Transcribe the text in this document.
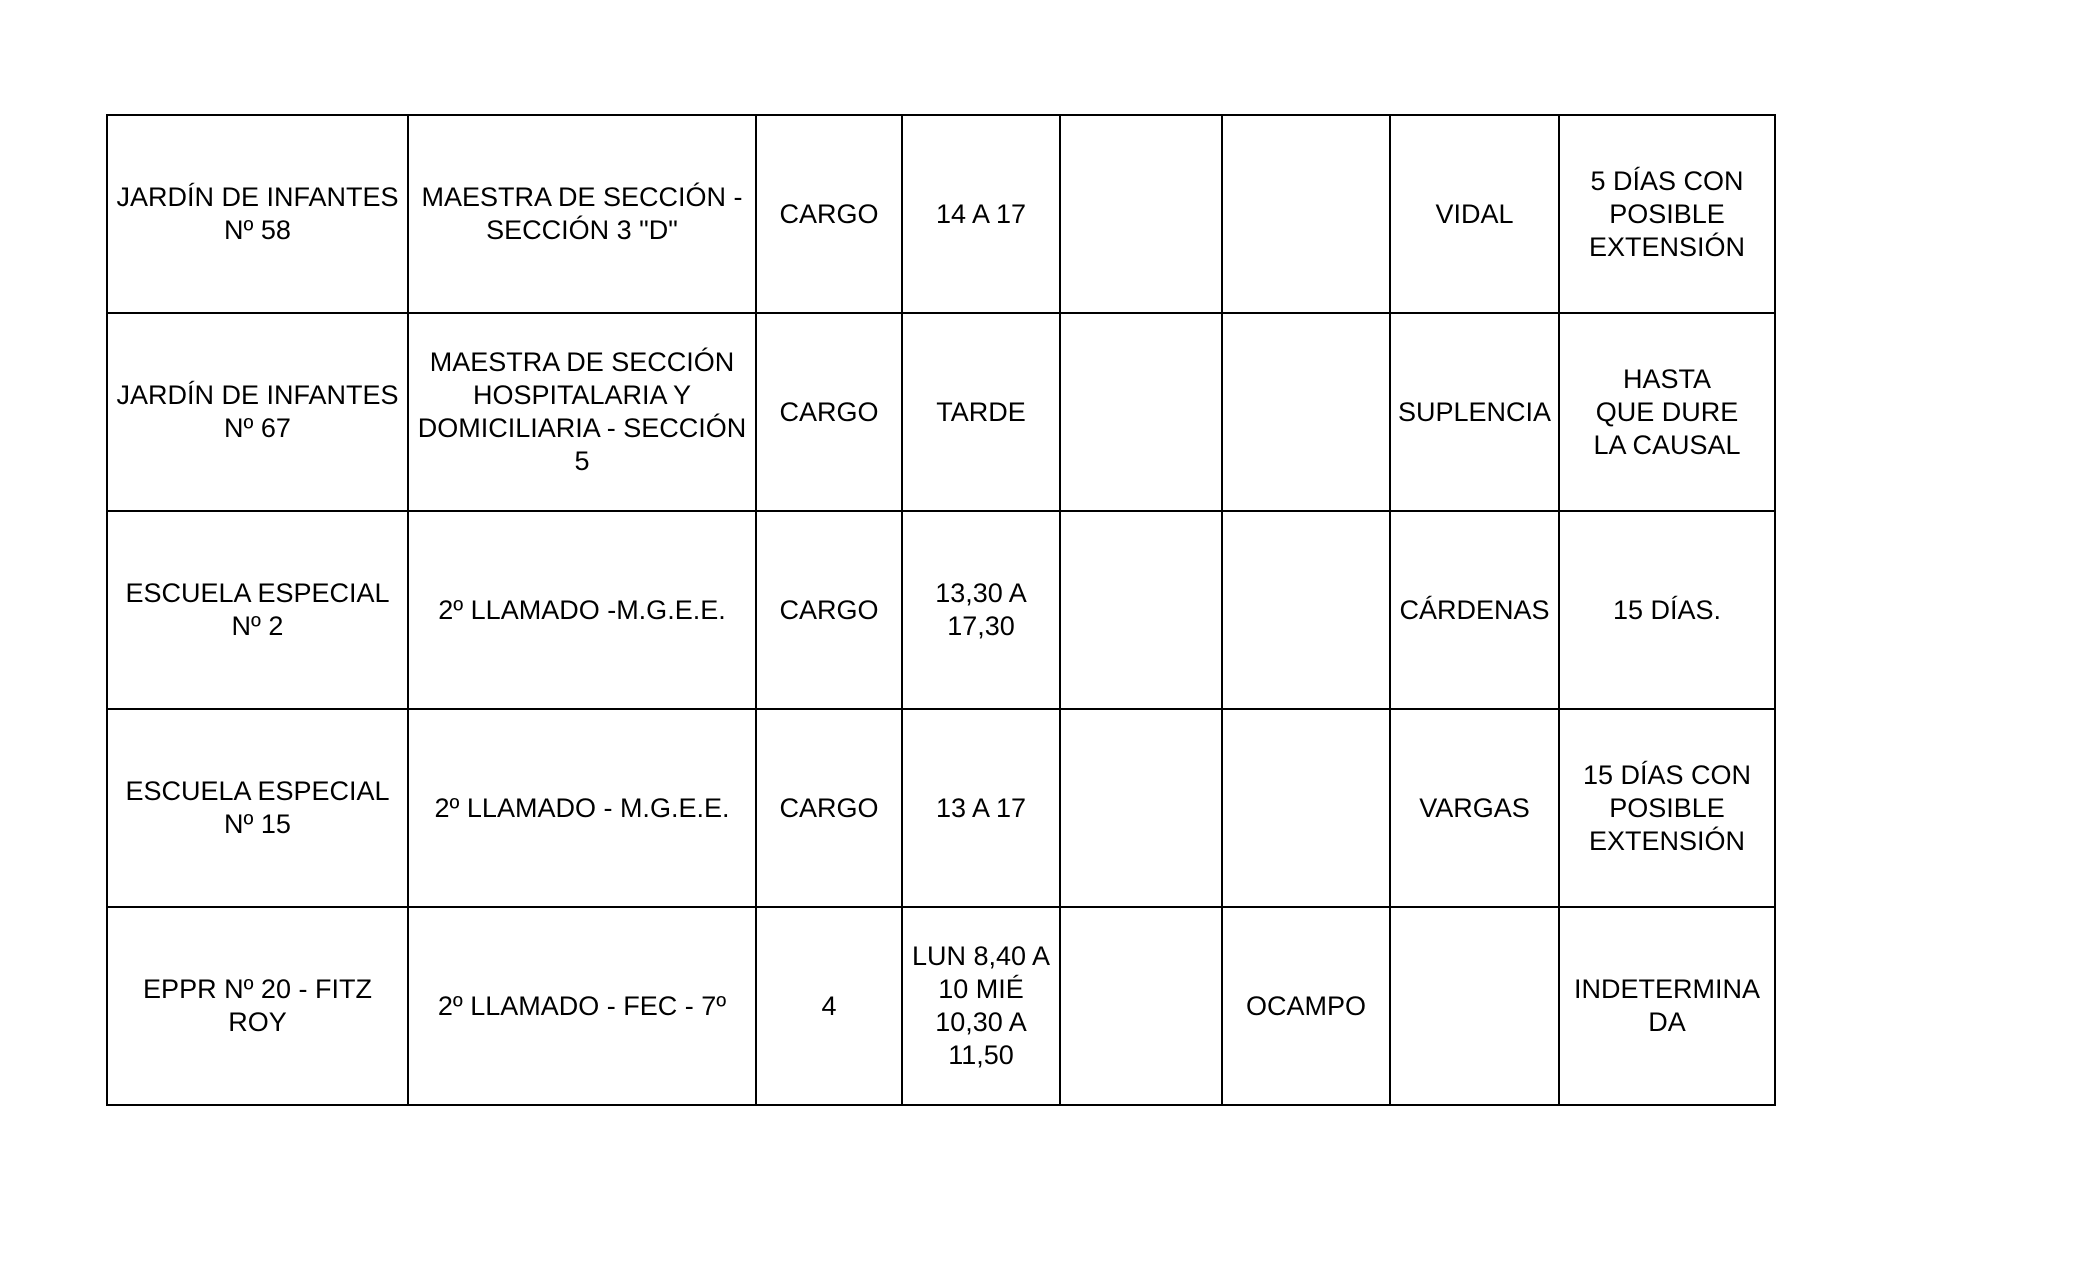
JARDÍN DE INFANTES Nº 58	MAESTRA DE SECCIÓN - SECCIÓN 3 "D"	CARGO	14 A 17			VIDAL	5 DÍAS CON POSIBLE EXTENSIÓN
JARDÍN DE INFANTES Nº 67	MAESTRA DE SECCIÓN HOSPITALARIA Y DOMICILIARIA - SECCIÓN 5	CARGO	TARDE			SUPLENCIA	HASTA QUE DURE LA CAUSAL
ESCUELA ESPECIAL Nº 2	2º LLAMADO -M.G.E.E.	CARGO	13,30 A 17,30			CÁRDENAS	15 DÍAS.
ESCUELA ESPECIAL Nº 15	2º LLAMADO - M.G.E.E.	CARGO	13 A 17			VARGAS	15 DÍAS CON POSIBLE EXTENSIÓN
EPPR Nº 20 - FITZ ROY	2º LLAMADO - FEC - 7º	4	LUN 8,40 A 10 MIÉ 10,30 A 11,50		OCAMPO		INDETERMINADA
